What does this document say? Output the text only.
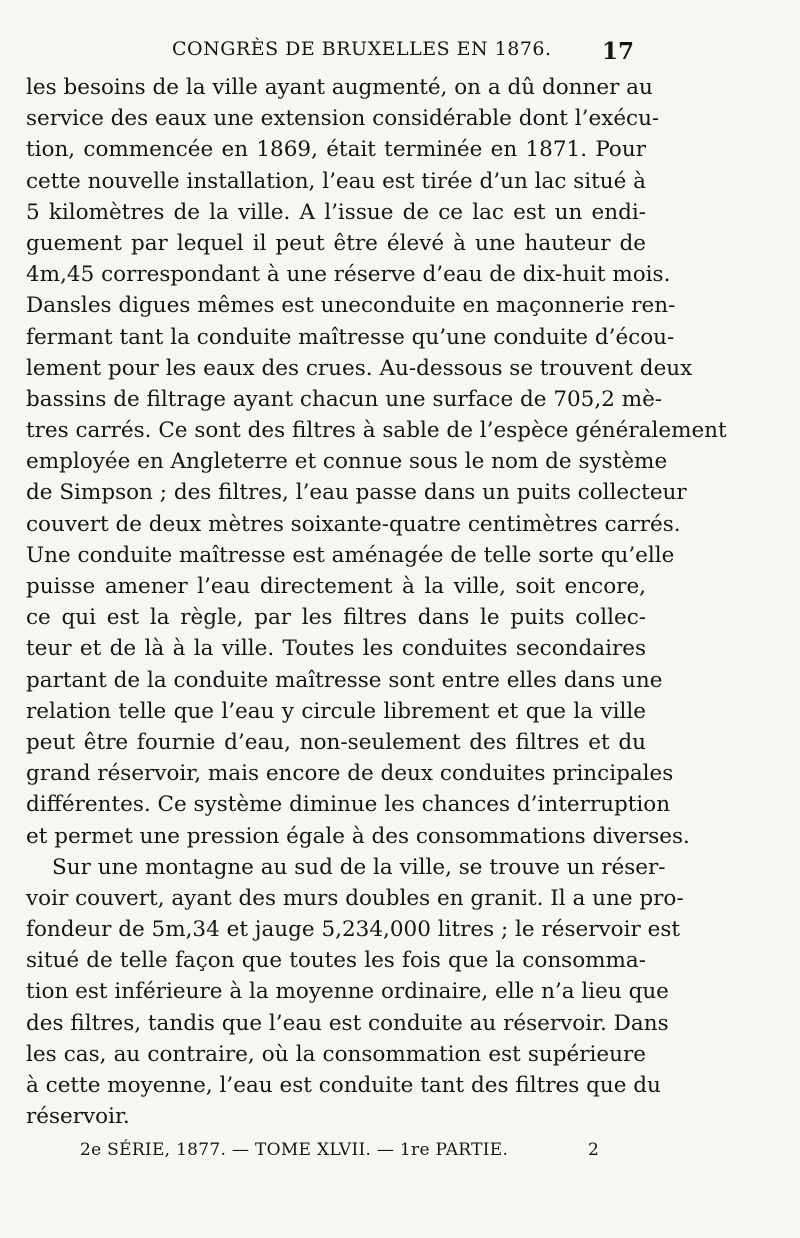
CONGRÈS DE BRUXELLES EN 1876. 17
les besoins de la ville ayant augmenté, on a dû donner au
service des eaux une extension considérable dont l’exécu-
tion, commencée en 1869, était terminée en 1871. Pour
cette nouvelle installation, l’eau est tirée d’un lac situé à
5 kilomètres de la ville. A l’issue de ce lac est un endi-
guement par lequel il peut être élevé à une hauteur de
4m,45 correspondant à une réserve d’eau de dix-huit mois.
Dansles digues mêmes est uneconduite en maçonnerie ren-
fermant tant la conduite maîtresse qu’une conduite d’écou-
lement pour les eaux des crues. Au-dessous se trouvent deux
bassins de filtrage ayant chacun une surface de 705,2 mè-
tres carrés. Ce sont des filtres à sable de l’espèce généralement
employée en Angleterre et connue sous le nom de système
de Simpson ; des filtres, l’eau passe dans un puits collecteur
couvert de deux mètres soixante-quatre centimètres carrés.
Une conduite maîtresse est aménagée de telle sorte qu’elle
puisse amener l’eau directement à la ville, soit encore,
ce qui est la règle, par les filtres dans le puits collec-
teur et de là à la ville. Toutes les conduites secondaires
partant de la conduite maîtresse sont entre elles dans une
relation telle que l’eau y circule librement et que la ville
peut être fournie d’eau, non-seulement des filtres et du
grand réservoir, mais encore de deux conduites principales
différentes. Ce système diminue les chances d’interruption
et permet une pression égale à des consommations diverses.
Sur une montagne au sud de la ville, se trouve un réser-
voir couvert, ayant des murs doubles en granit. Il a une pro-
fondeur de 5m,34 et jauge 5,234,000 litres ; le réservoir est
situé de telle façon que toutes les fois que la consomma-
tion est inférieure à la moyenne ordinaire, elle n’a lieu que
des filtres, tandis que l’eau est conduite au réservoir. Dans
les cas, au contraire, où la consommation est supérieure
à cette moyenne, l’eau est conduite tant des filtres que du
réservoir.
2e SÉRIE, 1877. — TOME XLVII. — 1re PARTIE.	2
